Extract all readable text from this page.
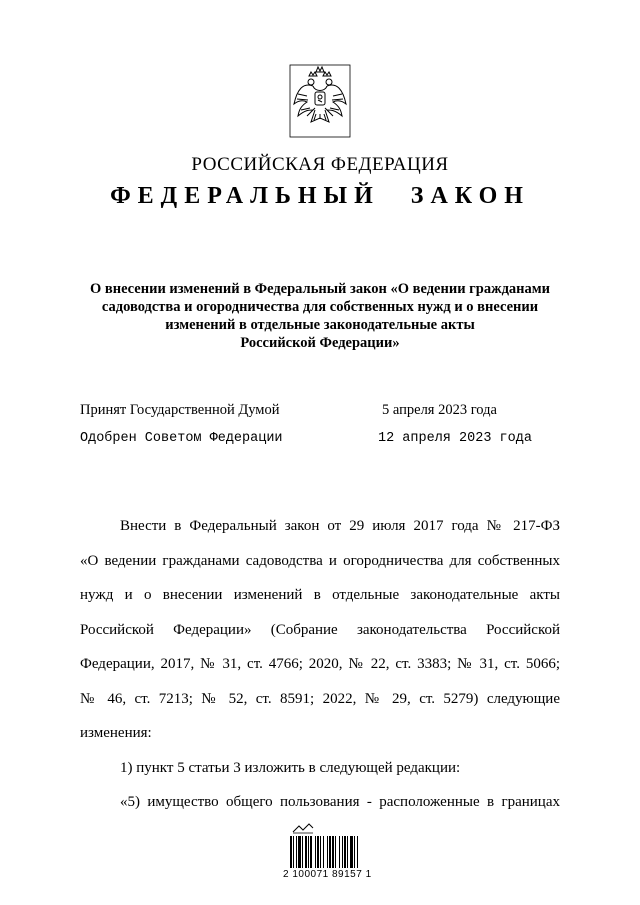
РОССИЙСКАЯ ФЕДЕРАЦИЯ
ФЕДЕРАЛЬНЫЙ ЗАКОН
О внесении изменений в Федеральный закон «О ведении гражданами
садоводства и огородничества для собственных нужд и о внесении
изменений в отдельные законодательные акты
Российской Федерации»
Принят Государственной Думой	5 апреля 2023 года
Одобрен Советом Федерации	12 апреля 2023 года
Внести в Федеральный закон от 29 июля 2017 года № 217-ФЗ
«О ведении гражданами садоводства и огородничества для собственных
нужд и о внесении изменений в отдельные законодательные акты
Российской Федерации» (Собрание законодательства Российской
Федерации, 2017, № 31, ст. 4766; 2020, № 22, ст. 3383; № 31, ст. 5066;
№ 46, ст. 7213; № 52, ст. 8591; 2022, № 29, ст. 5279) следующие
изменения:
1) пункт 5 статьи 3 изложить в следующей редакции:
«5) имущество общего пользования - расположенные в границах
2 100071 89157 1
